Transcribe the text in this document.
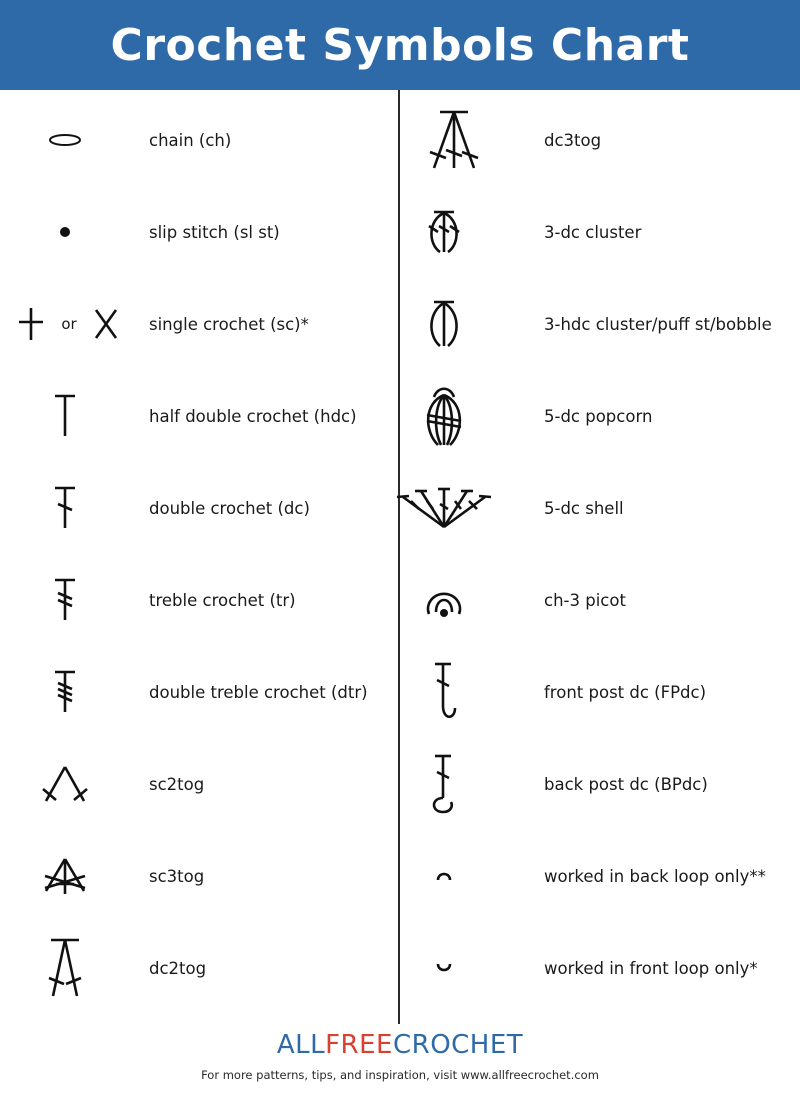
Crochet Symbols Chart
chain (ch)
slip stitch (sl st)
or	single crochet (sc)*
half double crochet (hdc)
double crochet (dc)
treble crochet (tr)
double treble crochet (dtr)
sc2tog
sc3tog
dc2tog
dc3tog
3-dc cluster
3-hdc cluster/puff st/bobble
5-dc popcorn
5-dc shell
ch-3 picot
front post dc (FPdc)
back post dc (BPdc)
worked in back loop only**
worked in front loop only*
ALLFREECROCHET
For more patterns, tips, and inspiration, visit www.allfreecrochet.com
